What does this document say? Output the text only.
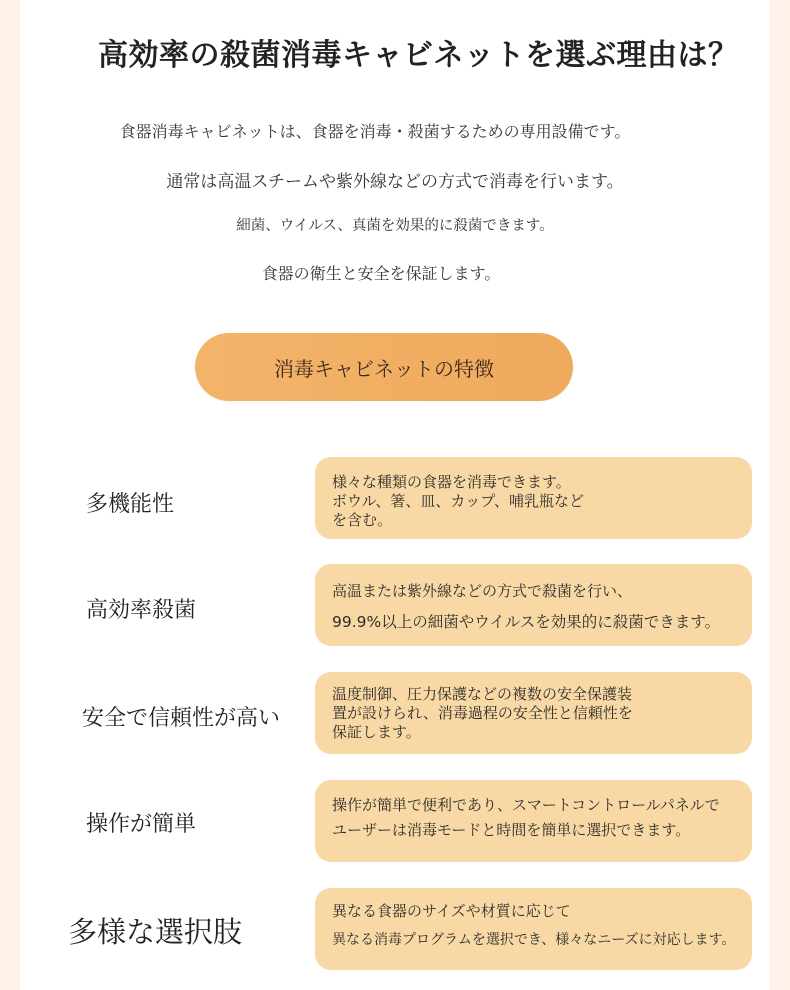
高効率の殺菌消毒キャビネットを選ぶ理由は？
食器消毒キャビネットは、食器を消毒・殺菌するための専用設備です。
通常は高温スチームや紫外線などの方式で消毒を行います。
細菌、ウイルス、真菌を効果的に殺菌できます。
食器の衛生と安全を保証します。
消毒キャビネットの特徴
多機能性
様々な種類の食器を消毒できます。
ボウル、箸、皿、カップ、哺乳瓶など
を含む。
高効率殺菌
高温または紫外線などの方式で殺菌を行い、
99.9%以上の細菌やウイルスを効果的に殺菌できます。
安全で信頼性が高い
温度制御、圧力保護などの複数の安全保護装
置が設けられ、消毒過程の安全性と信頼性を
保証します。
操作が簡単
操作が簡単で便利であり、スマートコントロールパネルで
ユーザーは消毒モードと時間を簡単に選択できます。
多様な選択肢
異なる食器のサイズや材質に応じて
異なる消毒プログラムを選択でき、様々なニーズに対応します。
